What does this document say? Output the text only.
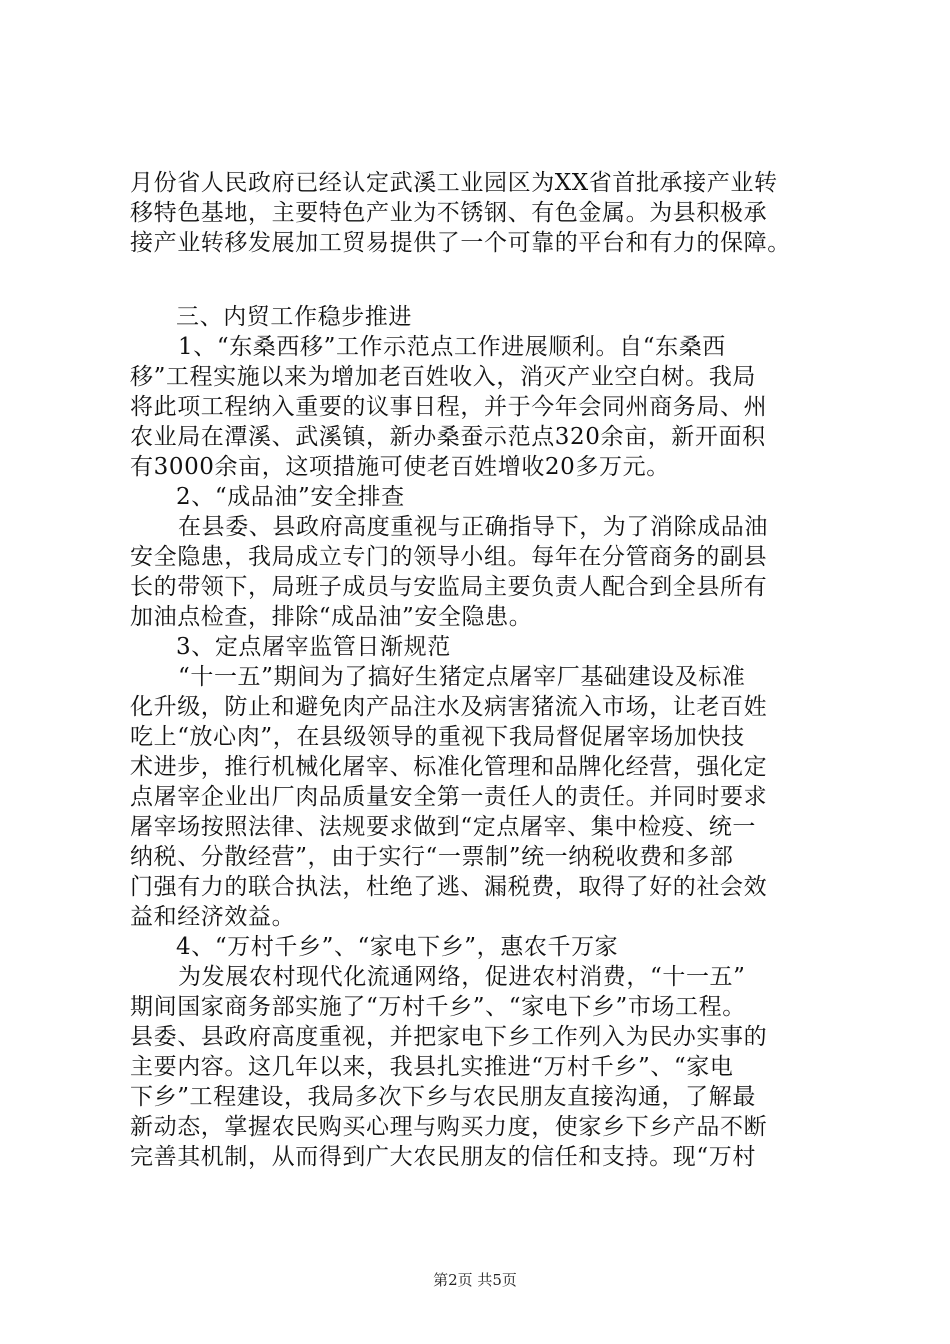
月份省人民政府已经认定武溪工业园区为XX省首批承接产业转
移特色基地，主要特色产业为不锈钢、有色金属。为县积极承
接产业转移发展加工贸易提供了一个可靠的平台和有力的保障。
三、内贸工作稳步推进
1、“东桑西移”工作示范点工作进展顺利。自“东桑西
移”工程实施以来为增加老百姓收入，消灭产业空白树。我局
将此项工程纳入重要的议事日程，并于今年会同州商务局、州
农业局在潭溪、武溪镇，新办桑蚕示范点320余亩，新开面积
有3000余亩，这项措施可使老百姓增收20多万元。
2、“成品油”安全排查
在县委、县政府高度重视与正确指导下，为了消除成品油
安全隐患，我局成立专门的领导小组。每年在分管商务的副县
长的带领下，局班子成员与安监局主要负责人配合到全县所有
加油点检查，排除“成品油”安全隐患。
3、定点屠宰监管日渐规范
“十一五”期间为了搞好生猪定点屠宰厂基础建设及标准
化升级，防止和避免肉产品注水及病害猪流入市场，让老百姓
吃上“放心肉”，在县级领导的重视下我局督促屠宰场加快技
术进步，推行机械化屠宰、标准化管理和品牌化经营，强化定
点屠宰企业出厂肉品质量安全第一责任人的责任。并同时要求
屠宰场按照法律、法规要求做到“定点屠宰、集中检疫、统一
纳税、分散经营”，由于实行“一票制”统一纳税收费和多部
门强有力的联合执法，杜绝了逃、漏税费，取得了好的社会效
益和经济效益。
4、“万村千乡”、“家电下乡”，惠农千万家
为发展农村现代化流通网络，促进农村消费，“十一五”
期间国家商务部实施了“万村千乡”、“家电下乡”市场工程。
县委、县政府高度重视，并把家电下乡工作列入为民办实事的
主要内容。这几年以来，我县扎实推进“万村千乡”、“家电
下乡”工程建设，我局多次下乡与农民朋友直接沟通，了解最
新动态，掌握农民购买心理与购买力度，使家乡下乡产品不断
完善其机制，从而得到广大农民朋友的信任和支持。现“万村
第2页 共5页
